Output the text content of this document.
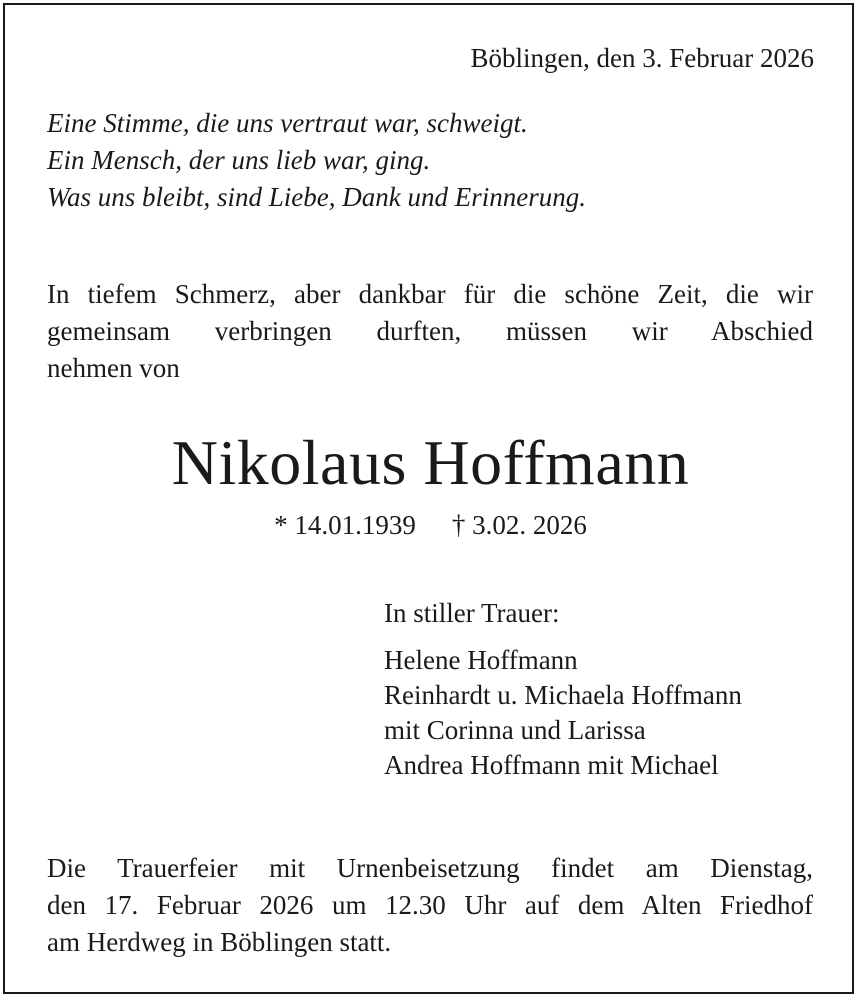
Böblingen, den 3. Februar 2026
Eine Stimme, die uns vertraut war, schweigt.
Ein Mensch, der uns lieb war, ging.
Was uns bleibt, sind Liebe, Dank und Erinnerung.
In tiefem Schmerz, aber dankbar für die schöne Zeit, die wir
gemeinsam verbringen durften, müssen wir Abschied
nehmen von
Nikolaus Hoffmann
* 14.01.1939 † 3.02. 2026
In stiller Trauer:
Helene Hoffmann
Reinhardt u. Michaela Hoffmann
mit Corinna und Larissa
Andrea Hoffmann mit Michael
Die Trauerfeier mit Urnenbeisetzung findet am Dienstag,
den 17. Februar 2026 um 12.30 Uhr auf dem Alten Friedhof
am Herdweg in Böblingen statt.
